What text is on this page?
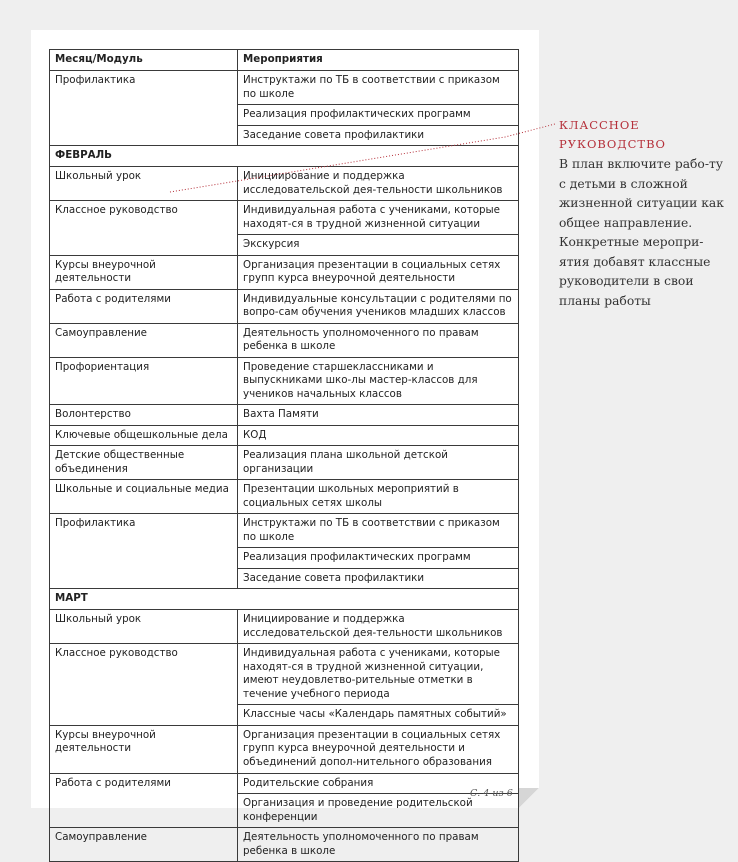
Месяц/Модуль	Мероприятия
Профилактика	Инструктажи по ТБ в соответствии с приказом по школе
	Реализация профилактических программ
	Заседание совета профилактики
ФЕВРАЛЬ	
Школьный урок	Инициирование и поддержка исследовательской дея-тельности школьников
Классное руководство	Индивидуальная работа с учениками, которые находят-ся в трудной жизненной ситуации
	Экскурсия
Курсы внеурочной деятельности	Организация презентации в социальных сетях групп курса внеурочной деятельности
Работа с родителями	Индивидуальные консультации с родителями по вопро-сам обучения учеников младших классов
Самоуправление	Деятельность уполномоченного по правам ребенка в школе
Профориентация	Проведение старшеклассниками и выпускниками шко-лы мастер-классов для учеников начальных классов
Волонтерство	Вахта Памяти
Ключевые общешкольные дела	КОД
Детские общественные объединения	Реализация плана школьной детской организации
Школьные и социальные медиа	Презентации школьных мероприятий в социальных сетях школы
Профилактика	Инструктажи по ТБ в соответствии с приказом по школе
	Реализация профилактических программ
	Заседание совета профилактики
МАРТ	
Школьный урок	Инициирование и поддержка исследовательской дея-тельности школьников
Классное руководство	Индивидуальная работа с учениками, которые находят-ся в трудной жизненной ситуации, имеют неудовлетво-рительные отметки в течение учебного периода
	Классные часы «Календарь памятных событий»
Курсы внеурочной деятельности	Организация презентации в социальных сетях групп курса внеурочной деятельности и объединений допол-нительного образования
Работа с родителями	Родительские собрания
	Организация и проведение родительской конференции
Самоуправление	Деятельность уполномоченного по правам ребенка в школе
С. 4 из 6
КЛАССНОЕ РУКОВОДСТВО
В план включите рабо-ту с детьми в сложной жизненной ситуации как общее направление. Конкретные меропри-ятия добавят классные руководители в свои планы работы
